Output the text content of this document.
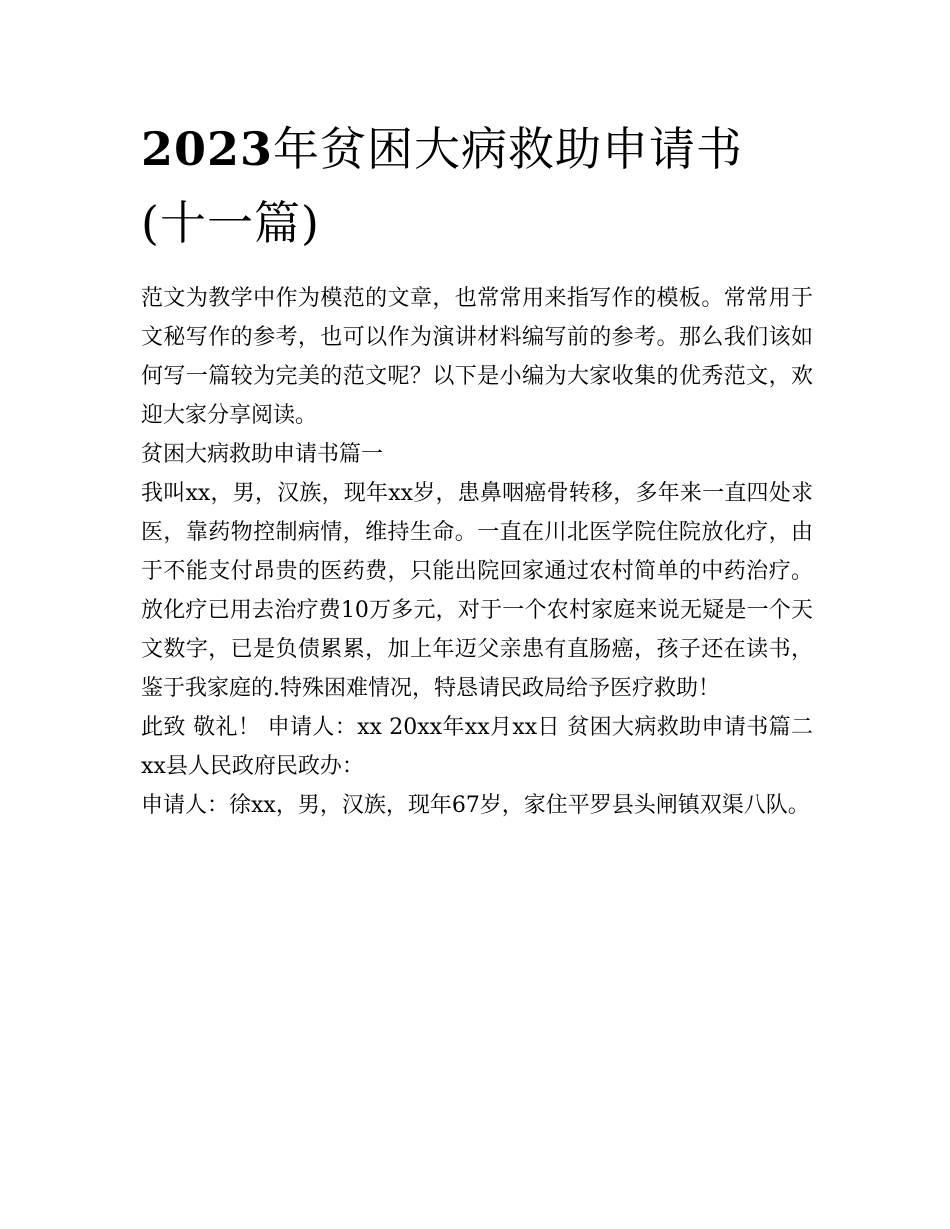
2023年贫困大病救助申请书
(十一篇)

范文为教学中作为模范的文章，也常常用来指写作的模板。常常用于文秘写作的参考，也可以作为演讲材料编写前的参考。那么我们该如何写一篇较为完美的范文呢？以下是小编为大家收集的优秀范文，欢迎大家分享阅读。

贫困大病救助申请书篇一

我叫xx，男，汉族，现年xx岁，患鼻咽癌骨转移，多年来一直四处求医，靠药物控制病情，维持生命。一直在川北医学院住院放化疗，由于不能支付昂贵的医药费，只能出院回家通过农村简单的中药治疗。放化疗已用去治疗费10万多元，对于一个农村家庭来说无疑是一个天文数字，已是负债累累，加上年迈父亲患有直肠癌，孩子还在读书，鉴于我家庭的.特殊困难情况，特恳请民政局给予医疗救助！

此致 敬礼！ 申请人：xx 20xx年xx月xx日 贫困大病救助申请书篇二 xx县人民政府民政办：

申请人：徐xx，男，汉族，现年67岁，家住平罗县头闸镇双渠八队。
